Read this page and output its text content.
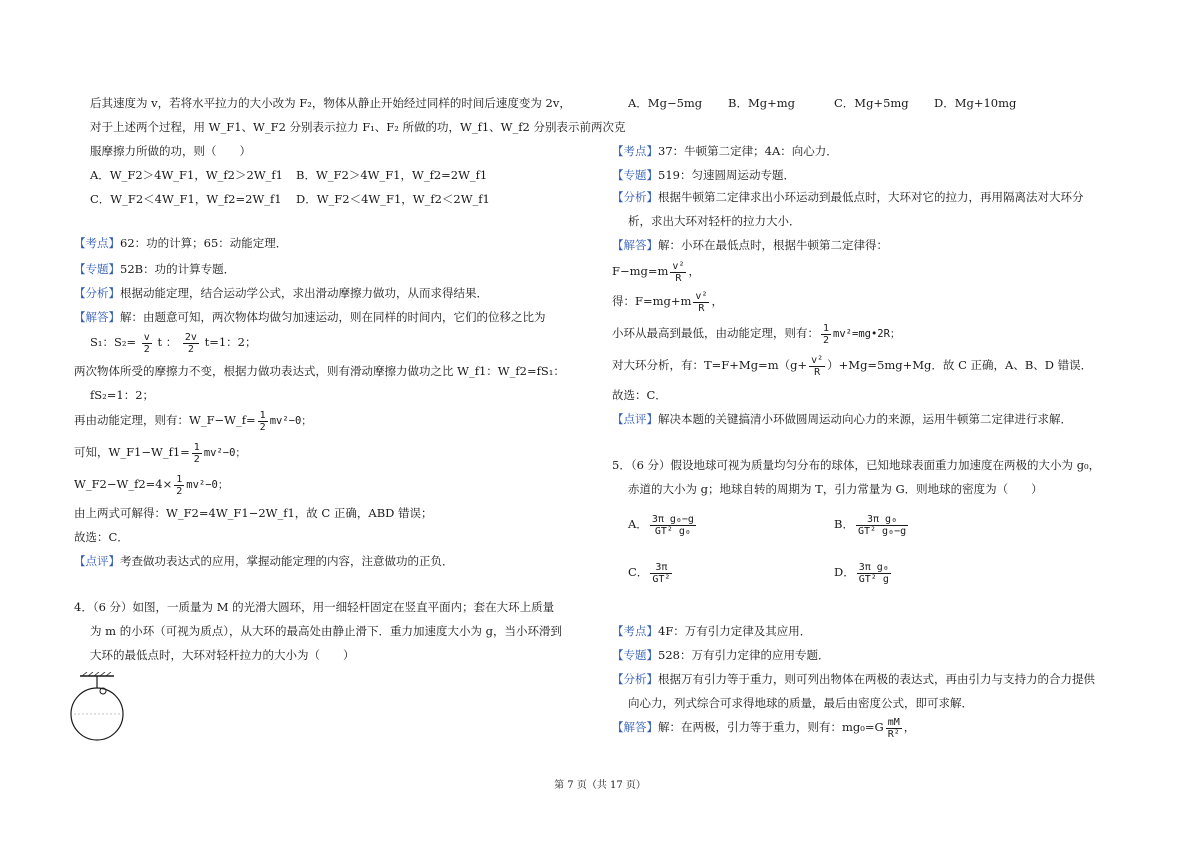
后其速度为 v，若将水平拉力的大小改为 F₂，物体从静止开始经过同样的时间后速度变为 2v，
对于上述两个过程，用 W_F1、W_F2 分别表示拉力 F₁、F₂ 所做的功，W_f1、W_f2 分别表示前两次克
服摩擦力所做的功，则（　　）
A．W_F2＞4W_F1，W_f2＞2W_f1 B．W_F2＞4W_F1，W_f2=2W_f1
C．W_F2＜4W_F1，W_f2=2W_f1 D．W_F2＜4W_F1，W_f2＜2W_f1
【考点】62：功的计算；65：动能定理．
【专题】52B：功的计算专题．
【分析】根据动能定理，结合运动学公式，求出滑动摩擦力做功，从而求得结果．
【解答】解：由题意可知，两次物体均做匀加速运动，则在同样的时间内，它们的位移之比为
S₁：$S_2= \frac{v}{2}$ t ： $\frac{2v}{2} t=1$：2；
两次物体所受的摩擦力不变，根据力做功表达式，则有滑动摩擦力做功之比 W_f1：W_f2=fS₁：
fS₂=1：2；
再由动能定理，则有：W_F−W_f= $\frac{1}{2} mv^2-0$；
可知，W_F1−W_f1= $\frac{1}{2} mv^2-0$；
W_F2−W_f2=4× $\frac{1}{2} mv^2-0$；
由上两式可解得：W_F2=4W_F1−2W_f1，故 C 正确，ABD 错误；
故选：C．
【点评】考查做功表达式的应用，掌握动能定理的内容，注意做功的正负．
4．（6 分）如图，一质量为 M 的光滑大圆环，用一细轻杆固定在竖直平面内；套在大环上质量
为 m 的小环（可视为质点），从大环的最高处由静止滑下．重力加速度大小为 g，当小环滑到
大环的最低点时，大环对轻杆拉力的大小为（　　）
A．Mg−5mg B．Mg+mg	C．Mg+5mg D．Mg+10mg
【考点】37：牛顿第二定律；4A：向心力．
【专题】519：匀速圆周运动专题．
【分析】根据牛顿第二定律求出小环运动到最低点时，大环对它的拉力，再用隔离法对大环分
析，求出大环对轻杆的拉力大小．
【解答】解：小环在最低点时，根据牛顿第二定律得：
$F-mg=m \frac{\text{v²}}{R}$ ，
得：$F=mg+m \frac{\text{v²}}{R}$ ，
小环从最高到最低，由动能定理，则有： $\frac{1}{2}$ mv²=mg•2R；
对大环分析，有：$T=F+Mg=m(g+ \frac{\text{v²}}{R} )+Mg=5mg+Mg$．故 C 正确，A、B、D 错误．
故选：C．
【点评】解决本题的关键搞清小环做圆周运动向心力的来源，运用牛顿第二定律进行求解．
5．（6 分）假设地球可视为质量均匀分布的球体，已知地球表面重力加速度在两极的大小为 g₀，
赤道的大小为 g；地球自转的周期为 T，引力常量为 G．则地球的密度为（　　）
A． $\frac{\text{3π g₀−g}}{\text{GT² g₀}}$	B． $\frac{\text{3π g₀}}{\text{GT² g₀−g}}$
C． $\frac{3\pi}{\text{GT²}}$	D． $\frac{\text{3π g₀}}{\text{GT² g}}$
【考点】4F：万有引力定律及其应用．
【专题】528：万有引力定律的应用专题．
【分析】根据万有引力等于重力，则可列出物体在两极的表达式，再由引力与支持力的合力提供
向心力，列式综合可求得地球的质量，最后由密度公式，即可求解．
【解答】解：在两极，引力等于重力，则有：$mg_0=G \frac{mM}{\text{R²}}$ ，
第 7 页（共 17 页）
